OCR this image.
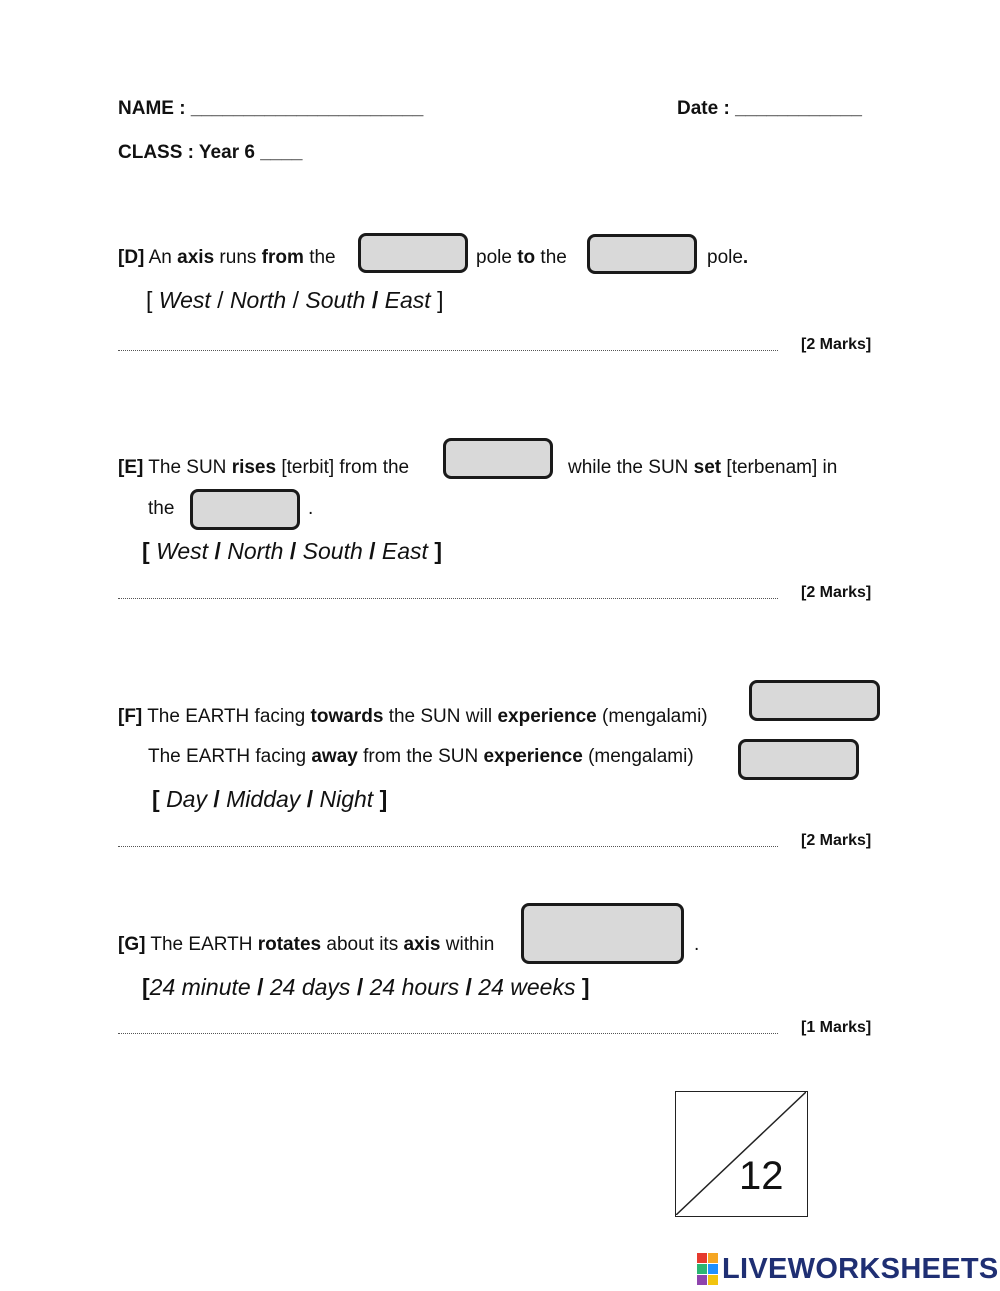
NAME : ______________________	Date : ____________
CLASS : Year 6 ____
[D] An axis runs from the	pole to the	pole.
[ West / North / South / East ]
[2 Marks]
[E] The SUN rises [terbit] from the	while the SUN set [terbenam] in
the	.
[ West / North / South / East ]
[2 Marks]
[F] The EARTH facing towards the SUN will experience (mengalami)
The EARTH facing away from the SUN experience (mengalami)
[ Day / Midday / Night ]
[2 Marks]
[G] The EARTH rotates about its axis within	.
[24 minute / 24 days / 24 hours / 24 weeks ]
[1 Marks]
12
LIVEWORKSHEETS
